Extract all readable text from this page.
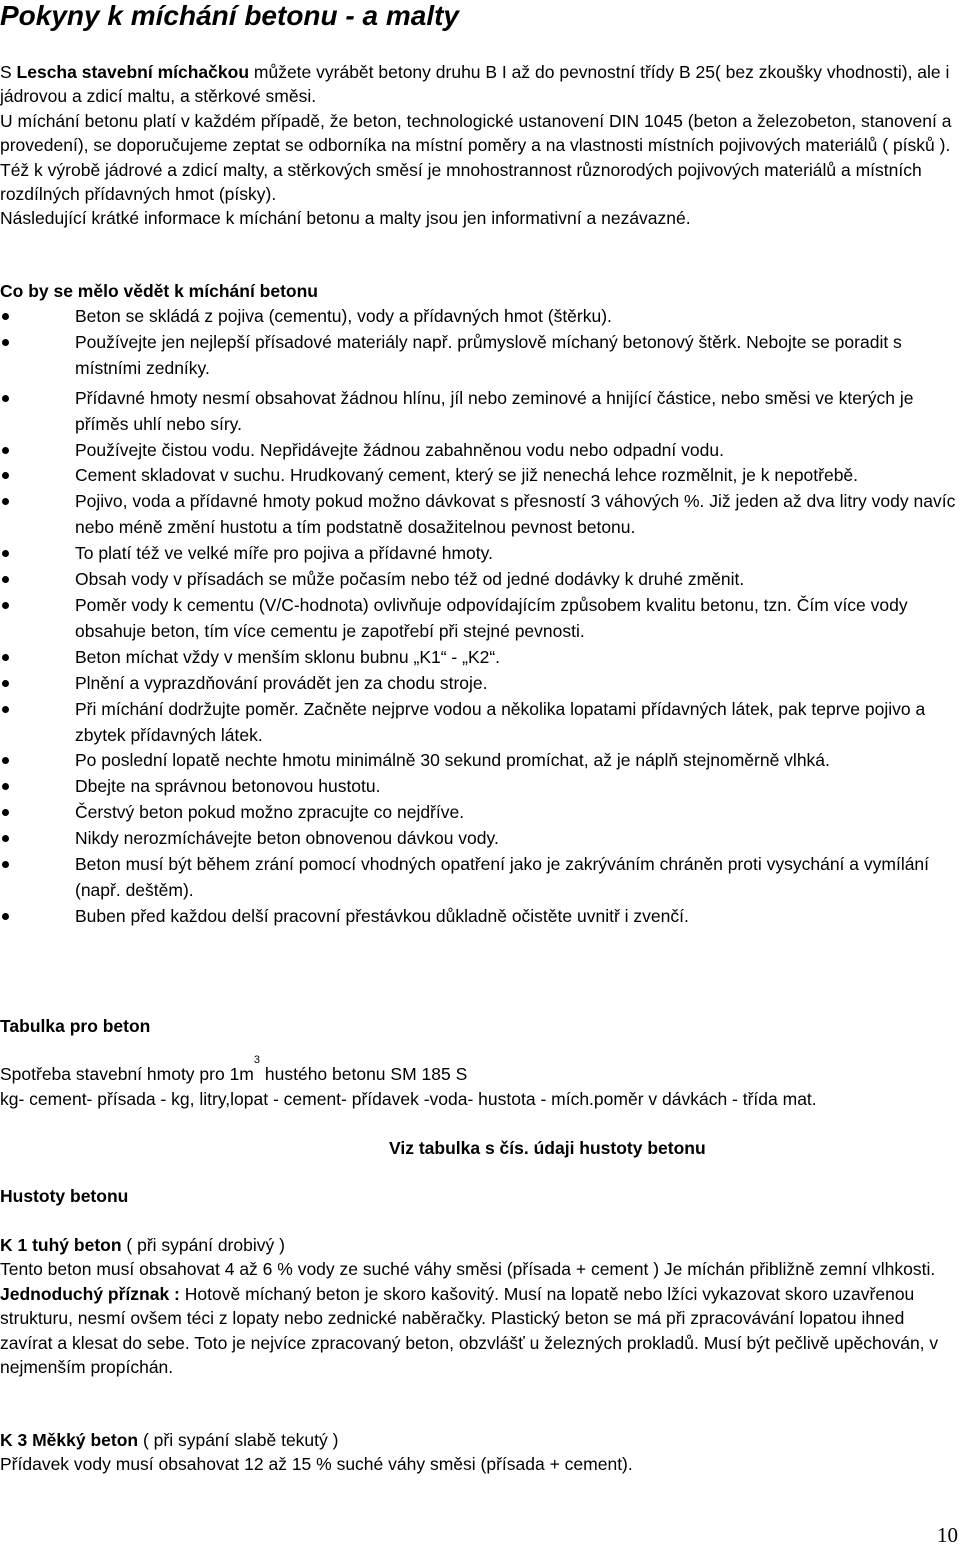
Pokyny k míchání betonu - a malty

S Lescha stavební míchačkou můžete vyrábět betony druhu B I až do pevnostní třídy B 25( bez zkoušky vhodnosti), ale i jádrovou a zdicí maltu, a stěrkové směsi.

U míchání betonu platí v každém případě, že beton, technologické ustanovení DIN 1045 (beton a železobeton, stanovení a provedení), se doporučujeme zeptat se odborníka na místní poměry a na vlastnosti místních pojivových materiálů ( písků ). Též k výrobě jádrové a zdicí malty, a stěrkových směsí je mnohostrannost různorodých pojivových materiálů a místních rozdílných přídavných hmot (písky).

Následující krátké informace k míchání betonu a malty jsou jen informativní a nezávazné.

Co by se mělo vědět k míchání betonu
Beton se skládá z pojiva (cementu), vody a přídavných hmot (štěrku).
Používejte jen nejlepší přísadové materiály např. průmyslově míchaný betonový štěrk. Nebojte se poradit s místními zedníky.
Přídavné hmoty nesmí obsahovat žádnou hlínu, jíl nebo zeminové a hnijící částice, nebo směsi ve kterých je příměs uhlí nebo síry.
Používejte čistou vodu. Nepřidávejte žádnou zabahněnou vodu nebo odpadní vodu.
Cement skladovat v suchu. Hrudkovaný cement, který se již nenechá lehce rozmělnit, je k nepotřebě.
Pojivo, voda a přídavné hmoty pokud možno dávkovat s přesností 3 váhových %. Již jeden až dva litry vody navíc nebo méně změní hustotu a tím podstatně dosažitelnou pevnost betonu.
To platí též ve velké míře pro pojiva a přídavné hmoty.
Obsah vody v přísadách se může počasím nebo též od jedné dodávky k druhé změnit.
Poměr vody k cementu (V/C-hodnota) ovlivňuje odpovídajícím způsobem kvalitu betonu, tzn. Čím více vody obsahuje beton, tím více cementu je zapotřebí při stejné pevnosti.
Beton míchat vždy v menším sklonu bubnu „K1“ - „K2“.
Plnění a vyprazdňování provádět jen za chodu stroje.
Při míchání dodržujte poměr. Začněte nejprve vodou a několika lopatami přídavných látek, pak teprve pojivo a zbytek přídavných látek.
Po poslední lopatě nechte hmotu minimálně 30 sekund promíchat, až je náplň stejnoměrně vlhká.
Dbejte na správnou betonovou hustotu.
Čerstvý beton pokud možno zpracujte co nejdříve.
Nikdy nerozmíchávejte beton obnovenou dávkou vody.
Beton musí být během zrání pomocí vhodných opatření jako je zakrýváním chráněn proti vysychání a vymílání (např. deštěm).
Buben před každou delší pracovní přestávkou důkladně očistěte uvnitř i zvenčí.
Tabulka pro beton
Spotřeba stavební hmoty pro $1m^3$ hustého betonu SM 185 S
kg- cement- přísada - kg, litry,lopat - cement- přídavek -voda- hustota - mích.poměr v dávkách - třída mat.
Viz tabulka s čís. údaji hustoty betonu
Hustoty betonu

K 1 tuhý beton ( při sypání drobivý )

Tento beton musí obsahovat 4 až 6 % vody ze suché váhy směsi (přísada + cement ) Je míchán přibližně zemní vlhkosti.

Jednoduchý příznak : Hotově míchaný beton je skoro kašovitý. Musí na lopatě nebo lžíci vykazovat skoro uzavřenou strukturu, nesmí ovšem téci z lopaty nebo zednické naběračky. Plastický beton se má při zpracovávání lopatou ihned zavírat a klesat do sebe. Toto je nejvíce zpracovaný beton, obzvlášť u železných prokladů. Musí být pečlivě upěchován, v nejmenším propíchán.

K 3 Měkký beton ( při sypání slabě tekutý )

Přídavek vody musí obsahovat 12 až 15 % suché váhy směsi (přísada + cement).

10
